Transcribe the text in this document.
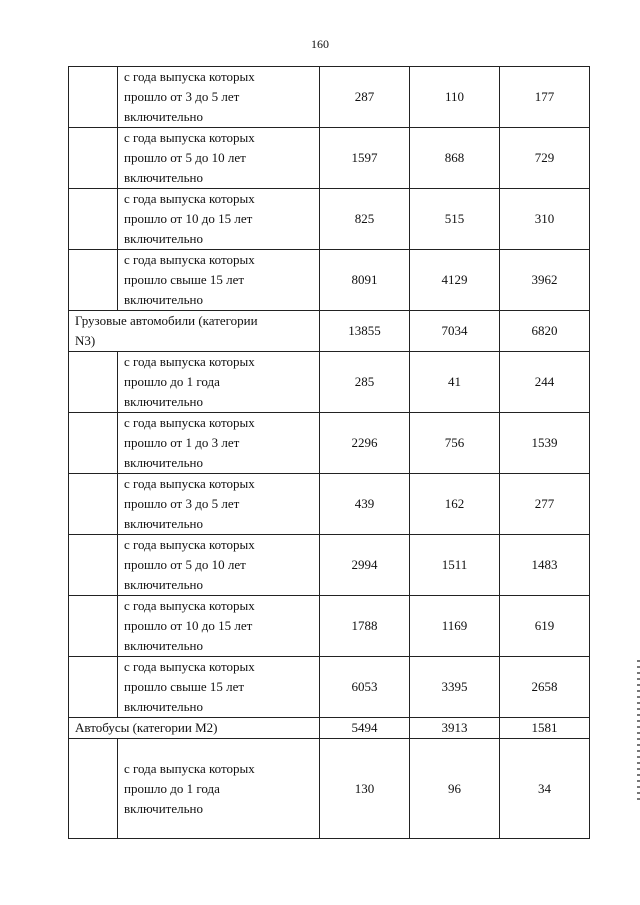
160

	с года выпуска которых
прошло от 3 до 5 лет
включительно	287	110	177

	с года выпуска которых
прошло от 5 до 10 лет
включительно	1597	868	729

	с года выпуска которых
прошло от 10 до 15 лет
включительно	825	515	310

	с года выпуска которых
прошло свыше 15 лет
включительно	8091	4129	3962

Грузовые автомобили (категории
N3)		13855	7034	6820

	с года выпуска которых
прошло до 1 года
включительно	285	41	244

	с года выпуска которых
прошло от 1 до 3 лет
включительно	2296	756	1539

	с года выпуска которых
прошло от 3 до 5 лет
включительно	439	162	277

	с года выпуска которых
прошло от 5 до 10 лет
включительно	2994	1511	1483

	с года выпуска которых
прошло от 10 до 15 лет
включительно	1788	1169	619

	с года выпуска которых
прошло свыше 15 лет
включительно	6053	3395	2658

Автобусы (категории М2)		5494	3913	1581

	с года выпуска которых
прошло до 1 года
включительно	130	96	34
